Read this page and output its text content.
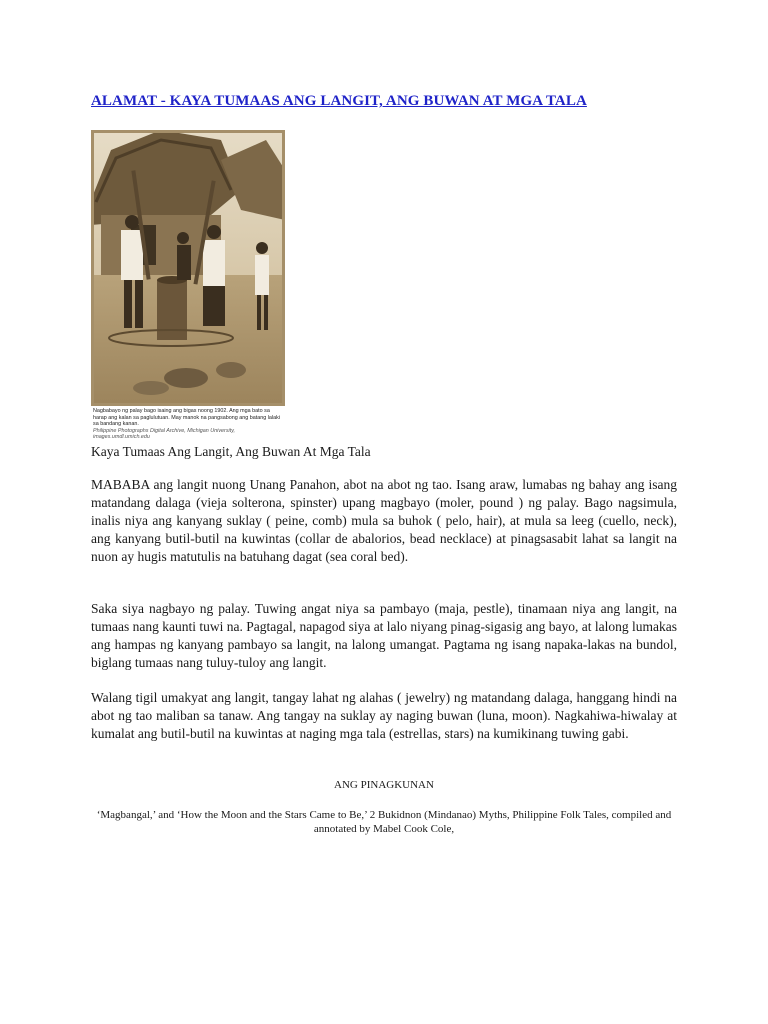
ALAMAT - KAYA TUMAAS ANG LANGIT, ANG BUWAN AT MGA TALA
Nagbabayo ng palay bago isaing ang bigas noong 1902. Ang mga bato sa harap ang kalan sa paglulutuan. May manok na pangsabong ang batang lalaki sa bandang kanan.
Philippine Photographs Digital Archive, Michigan University, images.umdl.umich.edu

Kaya Tumaas Ang Langit, Ang Buwan At Mga Tala

MABABA ang langit nuong Unang Panahon, abot na abot ng tao. Isang araw, lumabas ng bahay ang isang matandang dalaga (vieja solterona, spinster) upang magbayo (moler, pound ) ng palay. Bago nagsimula, inalis niya ang kanyang suklay ( peine, comb) mula sa buhok ( pelo, hair), at mula sa leeg (cuello, neck), ang kanyang butil-butil na kuwintas (collar de abalorios, bead necklace) at pinagsasabit lahat sa langit na nuon ay hugis matutulis na batuhang dagat (sea coral bed).

Saka siya nagbayo ng palay. Tuwing angat niya sa pambayo (maja, pestle), tinamaan niya ang langit, na tumaas nang kaunti tuwi na. Pagtagal, napagod siya at lalo niyang pinag-sigasig ang bayo, at lalong lumakas ang hampas ng kanyang pambayo sa langit, na lalong umangat. Pagtama ng isang napaka-lakas na bundol, biglang tumaas nang tuluy-tuloy ang langit.

Walang tigil umakyat ang langit, tangay lahat ng alahas ( jewelry) ng matandang dalaga, hanggang hindi na abot ng tao maliban sa tanaw. Ang tangay na suklay ay naging buwan (luna, moon). Nagkahiwa-hiwalay at kumalat ang butil-butil na kuwintas at naging mga tala (estrellas, stars) na kumikinang tuwing gabi.

ANG PINAGKUNAN

‘Magbangal,’ and ‘How the Moon and the Stars Came to Be,’ 2 Bukidnon (Mindanao) Myths, Philippine Folk Tales, compiled and annotated by Mabel Cook Cole,
